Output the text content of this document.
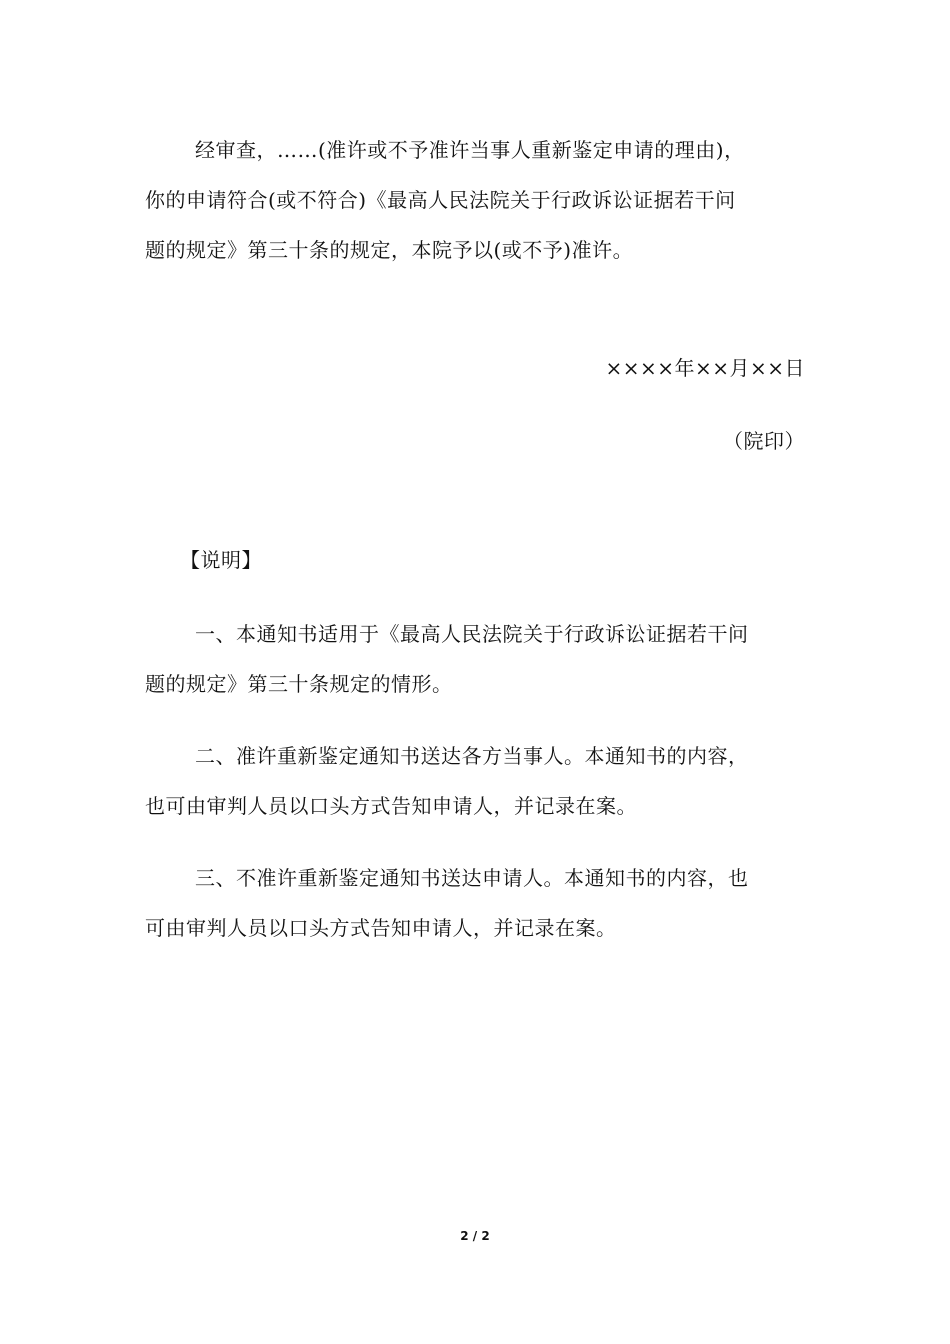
经审查，……(准许或不予准许当事人重新鉴定申请的理由)，
你的申请符合(或不符合)《最高人民法院关于行政诉讼证据若干问
题的规定》第三十条的规定，本院予以(或不予)准许。
××××年××月××日
（院印）
【说明】
一、本通知书适用于《最高人民法院关于行政诉讼证据若干问
题的规定》第三十条规定的情形。
二、准许重新鉴定通知书送达各方当事人。本通知书的内容，
也可由审判人员以口头方式告知申请人，并记录在案。
三、不准许重新鉴定通知书送达申请人。本通知书的内容，也
可由审判人员以口头方式告知申请人，并记录在案。
2 / 2
